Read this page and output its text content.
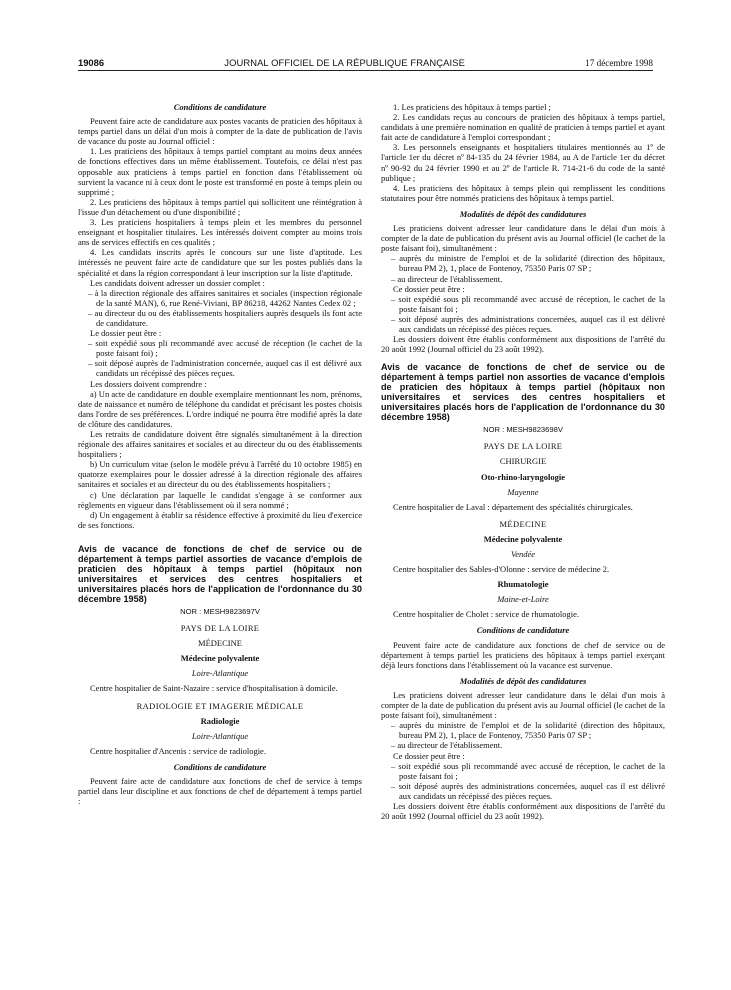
19086	JOURNAL OFFICIEL DE LA RÉPUBLIQUE FRANÇAISE	17 décembre 1998

Conditions de candidature

Peuvent faire acte de candidature aux postes vacants de praticien des hôpitaux à temps partiel dans un délai d'un mois à compter de la date de publication de l'avis de vacance du poste au Journal officiel :

1. Les praticiens des hôpitaux à temps partiel comptant au moins deux années de fonctions effectives dans un même établissement. Toutefois, ce délai n'est pas opposable aux praticiens à temps partiel en fonction dans l'établissement où survient la vacance ni à ceux dont le poste est transformé en poste à temps plein ou supprimé ;

2. Les praticiens des hôpitaux à temps partiel qui sollicitent une réintégration à l'issue d'un détachement ou d'une disponibilité ;

3. Les praticiens hospitaliers à temps plein et les membres du personnel enseignant et hospitalier titulaires. Les intéressés doivent compter au moins trois ans de services effectifs en ces qualités ;

4. Les candidats inscrits après le concours sur une liste d'aptitude. Les intéressés ne peuvent faire acte de candidature que sur les postes publiés dans la spécialité et dans la région correspondant à leur inscription sur la liste d'aptitude.

Les candidats doivent adresser un dossier complet :

– à la direction régionale des affaires sanitaires et sociales (inspection régionale de la santé MAN), 6, rue René-Viviani, BP 86218, 44262 Nantes Cedex 02 ;

– au directeur du ou des établissements hospitaliers auprès desquels ils font acte de candidature.

Le dossier peut être :

– soit expédié sous pli recommandé avec accusé de réception (le cachet de la poste faisant foi) ;

– soit déposé auprès de l'administration concernée, auquel cas il est délivré aux candidats un récépissé des pièces reçues.

Les dossiers doivent comprendre :

a) Un acte de candidature en double exemplaire mentionnant les nom, prénoms, date de naissance et numéro de téléphone du candidat et précisant les postes choisis dans l'ordre de ses préférences. L'ordre indiqué ne pourra être modifié après la date de clôture des candidatures.

Les retraits de candidature doivent être signalés simultanément à la direction régionale des affaires sanitaires et sociales et au directeur du ou des établissements hospitaliers ;

b) Un curriculum vitae (selon le modèle prévu à l'arrêté du 10 octobre 1985) en quatorze exemplaires pour le dossier adressé à la direction régionale des affaires sanitaires et sociales et au directeur du ou des établissements hospitaliers ;

c) Une déclaration par laquelle le candidat s'engage à se conformer aux règlements en vigueur dans l'établissement où il sera nommé ;

d) Un engagement à établir sa résidence effective à proximité du lieu d'exercice de ses fonctions.

Avis de vacance de fonctions de chef de service ou de département à temps partiel assorties de vacance d'emplois de praticien des hôpitaux à temps partiel (hôpitaux non universitaires et services des centres hospitaliers et universitaires placés hors de l'application de l'ordonnance du 30 décembre 1958)

NOR : MESH9823697V

PAYS DE LA LOIRE

MÉDECINE

Médecine polyvalente

Loire-Atlantique

Centre hospitalier de Saint-Nazaire : service d'hospitalisation à domicile.

RADIOLOGIE ET IMAGERIE MÉDICALE

Radiologie

Loire-Atlantique

Centre hospitalier d'Ancenis : service de radiologie.

Conditions de candidature

Peuvent faire acte de candidature aux fonctions de chef de service à temps partiel dans leur discipline et aux fonctions de chef de département à temps partiel :

1. Les praticiens des hôpitaux à temps partiel ;

2. Les candidats reçus au concours de praticien des hôpitaux à temps partiel, candidats à une première nomination en qualité de praticien à temps partiel et ayant fait acte de candidature à l'emploi correspondant ;

3. Les personnels enseignants et hospitaliers titulaires mentionnés au 1º de l'article 1er du décret nº 84-135 du 24 février 1984, au A de l'article 1er du décret nº 90-92 du 24 février 1990 et au 2º de l'article R. 714-21-6 du code de la santé publique ;

4. Les praticiens des hôpitaux à temps plein qui remplissent les conditions statutaires pour être nommés praticiens des hôpitaux à temps partiel.

Modalités de dépôt des candidatures

Les praticiens doivent adresser leur candidature dans le délai d'un mois à compter de la date de publication du présent avis au Journal officiel (le cachet de la poste faisant foi), simultanément :

– auprès du ministre de l'emploi et de la solidarité (direction des hôpitaux, bureau PM 2), 1, place de Fontenoy, 75350 Paris 07 SP ;

– au directeur de l'établissement.

Ce dossier peut être :

– soit expédié sous pli recommandé avec accusé de réception, le cachet de la poste faisant foi ;

– soit déposé auprès des administrations concernées, auquel cas il est délivré aux candidats un récépissé des pièces reçues.

Les dossiers doivent être établis conformément aux dispositions de l'arrêté du 20 août 1992 (Journal officiel du 23 août 1992).

Avis de vacance de fonctions de chef de service ou de département à temps partiel non assorties de vacance d'emplois de praticien des hôpitaux à temps partiel (hôpitaux non universitaires et services des centres hospitaliers et universitaires placés hors de l'application de l'ordonnance du 30 décembre 1958)

NOR : MESH9823698V

PAYS DE LA LOIRE

CHIRURGIE

Oto-rhino-laryngologie

Mayenne

Centre hospitalier de Laval : département des spécialités chirurgicales.

MÉDECINE

Médecine polyvalente

Vendée

Centre hospitalier des Sables-d'Olonne : service de médecine 2.

Rhumatologie

Maine-et-Loire

Centre hospitalier de Cholet : service de rhumatologie.

Conditions de candidature

Peuvent faire acte de candidature aux fonctions de chef de service ou de département à temps partiel les praticiens des hôpitaux à temps partiel exerçant déjà leurs fonctions dans l'établissement où la vacance est survenue.

Modalités de dépôt des candidatures

Les praticiens doivent adresser leur candidature dans le délai d'un mois à compter de la date de publication du présent avis au Journal officiel (le cachet de la poste faisant foi), simultanément :

– auprès du ministre de l'emploi et de la solidarité (direction des hôpitaux, bureau PM 2), 1, place de Fontenoy, 75350 Paris 07 SP ;

– au directeur de l'établissement.

Ce dossier peut être :

– soit expédié sous pli recommandé avec accusé de réception, le cachet de la poste faisant foi ;

– soit déposé auprès des administrations concernées, auquel cas il est délivré aux candidats un récépissé des pièces reçues.

Les dossiers doivent être établis conformément aux dispositions de l'arrêté du 20 août 1992 (Journal officiel du 23 août 1992).
